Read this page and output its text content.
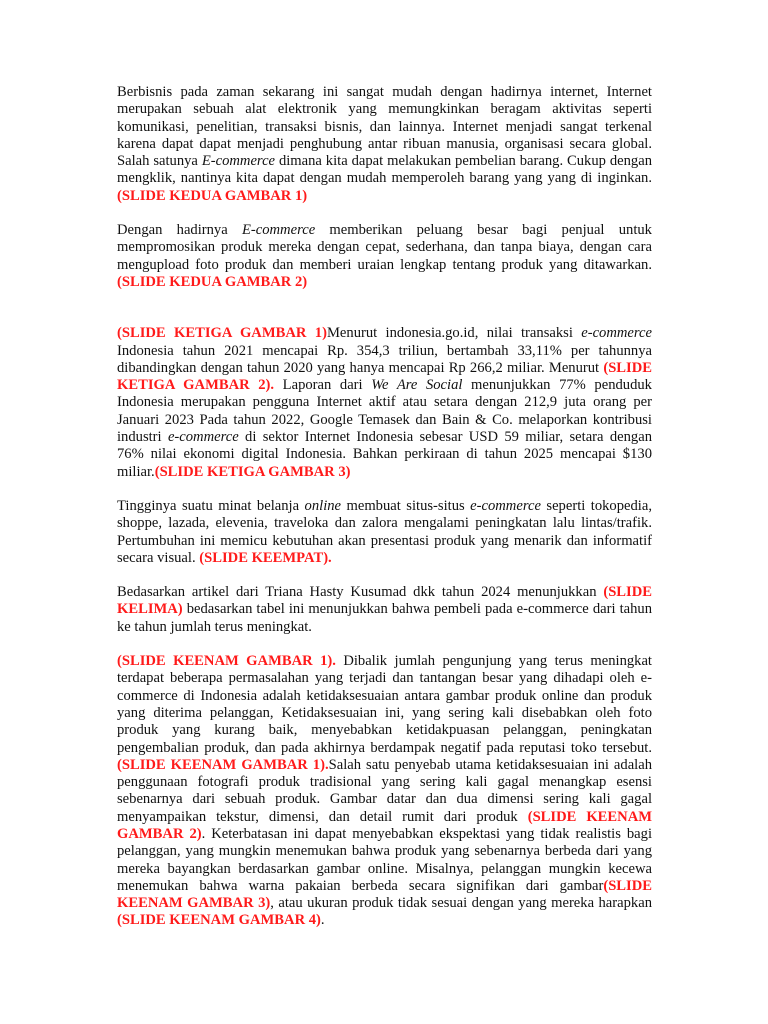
Berbisnis pada zaman sekarang ini sangat mudah dengan hadirnya internet, Internet merupakan sebuah alat elektronik yang memungkinkan beragam aktivitas seperti komunikasi, penelitian, transaksi bisnis, dan lainnya. Internet menjadi sangat terkenal karena dapat dapat menjadi penghubung antar ribuan manusia, organisasi secara global. Salah satunya E-commerce dimana kita dapat melakukan pembelian barang. Cukup dengan mengklik, nantinya kita dapat dengan mudah memperoleh barang yang yang di inginkan.(SLIDE KEDUA GAMBAR 1)

Dengan hadirnya E-commerce memberikan peluang besar bagi penjual untuk mempromosikan produk mereka dengan cepat, sederhana, dan tanpa biaya, dengan cara mengupload foto produk dan memberi uraian lengkap tentang produk yang ditawarkan. (SLIDE KEDUA GAMBAR 2)

(SLIDE KETIGA GAMBAR 1)Menurut indonesia.go.id, nilai transaksi e-commerce Indonesia tahun 2021 mencapai Rp. 354,3 triliun, bertambah 33,11% per tahunnya dibandingkan dengan tahun 2020 yang hanya mencapai Rp 266,2 miliar. Menurut (SLIDE KETIGA GAMBAR 2). Laporan dari We Are Social menunjukkan 77% penduduk Indonesia merupakan pengguna Internet aktif atau setara dengan 212,9 juta orang per Januari 2023 Pada tahun 2022, Google Temasek dan Bain & Co. melaporkan kontribusi industri e-commerce di sektor Internet Indonesia sebesar USD 59 miliar, setara dengan 76% nilai ekonomi digital Indonesia. Bahkan perkiraan di tahun 2025 mencapai $130 miliar.(SLIDE KETIGA GAMBAR 3)

Tingginya suatu minat belanja online membuat situs-situs e-commerce seperti tokopedia, shoppe, lazada, elevenia, traveloka dan zalora mengalami peningkatan lalu lintas/trafik. Pertumbuhan ini memicu kebutuhan akan presentasi produk yang menarik dan informatif secara visual. (SLIDE KEEMPAT).

Bedasarkan artikel dari Triana Hasty Kusumad dkk tahun 2024 menunjukkan (SLIDE KELIMA) bedasarkan tabel ini menunjukkan bahwa pembeli pada e-commerce dari tahun ke tahun jumlah terus meningkat.

(SLIDE KEENAM GAMBAR 1). Dibalik jumlah pengunjung yang terus meningkat terdapat beberapa permasalahan yang terjadi dan tantangan besar yang dihadapi oleh e-commerce di Indonesia adalah ketidaksesuaian antara gambar produk online dan produk yang diterima pelanggan, Ketidaksesuaian ini, yang sering kali disebabkan oleh foto produk yang kurang baik, menyebabkan ketidakpuasan pelanggan, peningkatan pengembalian produk, dan pada akhirnya berdampak negatif pada reputasi toko tersebut. (SLIDE KEENAM GAMBAR 1).Salah satu penyebab utama ketidaksesuaian ini adalah penggunaan fotografi produk tradisional yang sering kali gagal menangkap esensi sebenarnya dari sebuah produk. Gambar datar dan dua dimensi sering kali gagal menyampaikan tekstur, dimensi, dan detail rumit dari produk (SLIDE KEENAM GAMBAR 2). Keterbatasan ini dapat menyebabkan ekspektasi yang tidak realistis bagi pelanggan, yang mungkin menemukan bahwa produk yang sebenarnya berbeda dari yang mereka bayangkan berdasarkan gambar online. Misalnya, pelanggan mungkin kecewa menemukan bahwa warna pakaian berbeda secara signifikan dari gambar(SLIDE KEENAM GAMBAR 3), atau ukuran produk tidak sesuai dengan yang mereka harapkan (SLIDE KEENAM GAMBAR 4).
